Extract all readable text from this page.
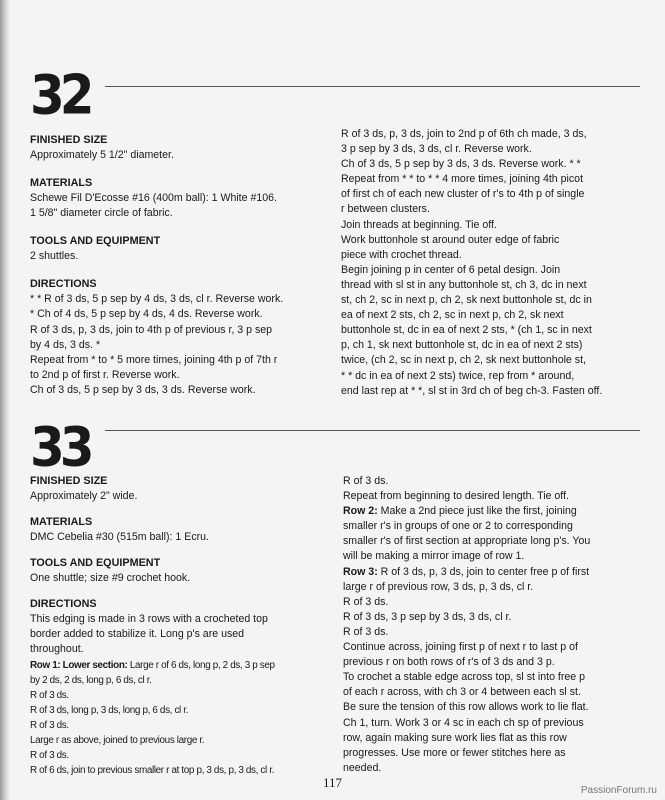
32
FINISHED SIZE

Approximately 5 1/2" diameter.

MATERIALS

Schewe Fil D'Ecosse #16 (400m ball): 1 White #106.

1 5/8" diameter circle of fabric.

TOOLS AND EQUIPMENT

2 shuttles.

DIRECTIONS

* * R of 3 ds, 5 p sep by 4 ds, 3 ds, cl r. Reverse work.

* Ch of 4 ds, 5 p sep by 4 ds, 4 ds. Reverse work.

R of 3 ds, p, 3 ds, join to 4th p of previous r, 3 p sep

by 4 ds, 3 ds. *

Repeat from * to * 5 more times, joining 4th p of 7th r

to 2nd p of first r. Reverse work.

Ch of 3 ds, 5 p sep by 3 ds, 3 ds. Reverse work.

R of 3 ds, p, 3 ds, join to 2nd p of 6th ch made, 3 ds,

3 p sep by 3 ds, 3 ds, cl r. Reverse work.

Ch of 3 ds, 5 p sep by 3 ds, 3 ds. Reverse work. * *

Repeat from * * to * * 4 more times, joining 4th picot

of first ch of each new cluster of r's to 4th p of single

r between clusters.

Join threads at beginning. Tie off.

Work buttonhole st around outer edge of fabric

piece with crochet thread.

Begin joining p in center of 6 petal design. Join

thread with sl st in any buttonhole st, ch 3, dc in next

st, ch 2, sc in next p, ch 2, sk next buttonhole st, dc in

ea of next 2 sts, ch 2, sc in next p, ch 2, sk next

buttonhole st, dc in ea of next 2 sts, * (ch 1, sc in next

p, ch 1, sk next buttonhole st, dc in ea of next 2 sts)

twice, (ch 2, sc in next p, ch 2, sk next buttonhole st,

* * dc in ea of next 2 sts) twice, rep from * around,

end last rep at * *, sl st in 3rd ch of beg ch-3. Fasten off.

33
FINISHED SIZE

Approximately 2" wide.

MATERIALS

DMC Cebelia #30 (515m ball): 1 Ecru.

TOOLS AND EQUIPMENT

One shuttle; size #9 crochet hook.

DIRECTIONS

This edging is made in 3 rows with a crocheted top

border added to stabilize it. Long p's are used

throughout.

Row 1: Lower section: Large r of 6 ds, long p, 2 ds, 3 p sep

by 2 ds, 2 ds, long p, 6 ds, cl r.

R of 3 ds.

R of 3 ds, long p, 3 ds, long p, 6 ds, cl r.

R of 3 ds.

Large r as above, joined to previous large r.

R of 3 ds.

R of 6 ds, join to previous smaller r at top p, 3 ds, p, 3 ds, cl r.

R of 3 ds.

Repeat from beginning to desired length. Tie off.

Row 2: Make a 2nd piece just like the first, joining

smaller r's in groups of one or 2 to corresponding

smaller r's of first section at appropriate long p's. You

will be making a mirror image of row 1.

Row 3: R of 3 ds, p, 3 ds, join to center free p of first

large r of previous row, 3 ds, p, 3 ds, cl r.

R of 3 ds.

R of 3 ds, 3 p sep by 3 ds, 3 ds, cl r.

R of 3 ds.

Continue across, joining first p of next r to last p of

previous r on both rows of r's of 3 ds and 3 p.

To crochet a stable edge across top, sl st into free p

of each r across, with ch 3 or 4 between each sl st.

Be sure the tension of this row allows work to lie flat.

Ch 1, turn. Work 3 or 4 sc in each ch sp of previous

row, again making sure work lies flat as this row

progresses. Use more or fewer stitches here as

needed.

117
PassionForum.ru
